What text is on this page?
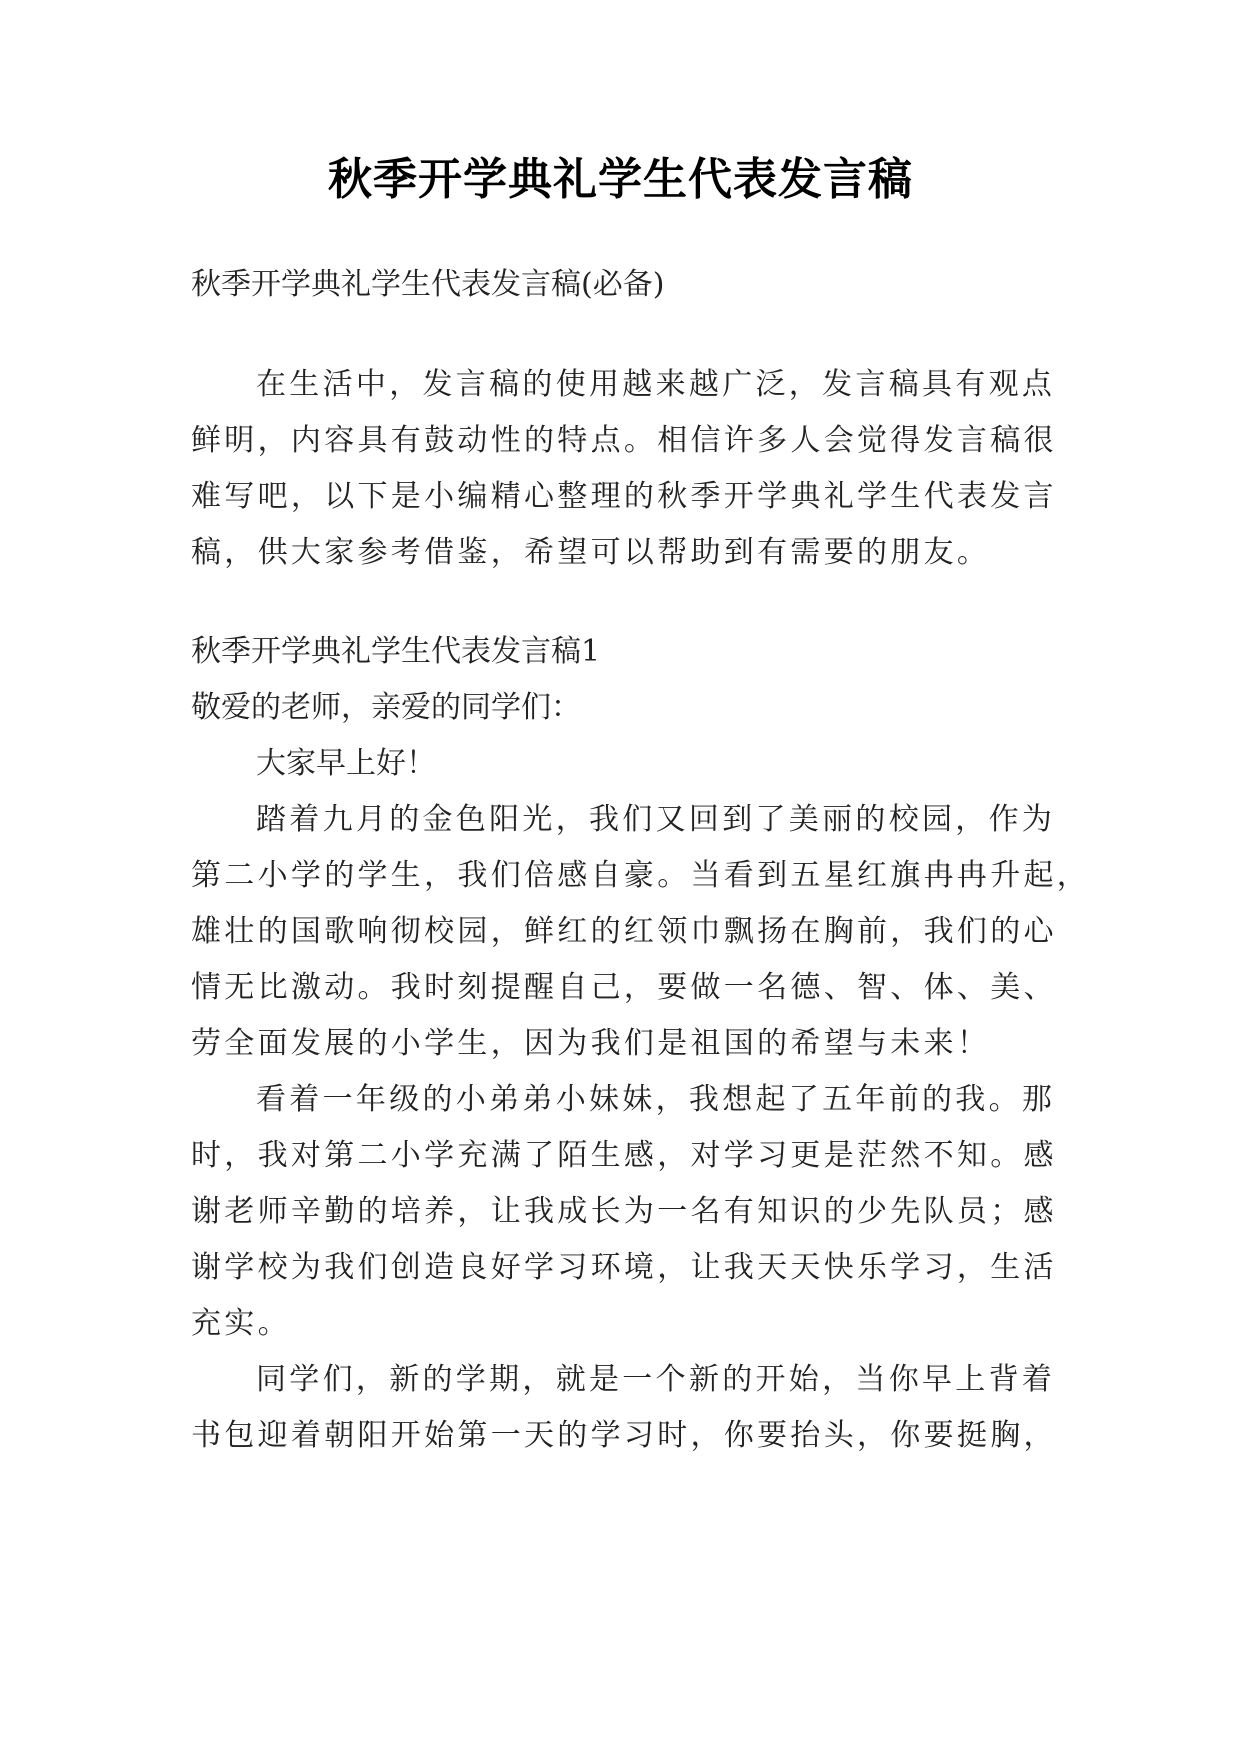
秋季开学典礼学生代表发言稿
秋季开学典礼学生代表发言稿(必备)
在生活中，发言稿的使用越来越广泛，发言稿具有观点
鲜明，内容具有鼓动性的特点。相信许多人会觉得发言稿很
难写吧，以下是小编精心整理的秋季开学典礼学生代表发言
稿，供大家参考借鉴，希望可以帮助到有需要的朋友。
秋季开学典礼学生代表发言稿1
敬爱的老师，亲爱的同学们：
大家早上好！
踏着九月的金色阳光，我们又回到了美丽的校园，作为
第二小学的学生，我们倍感自豪。当看到五星红旗冉冉升起，
雄壮的国歌响彻校园，鲜红的红领巾飘扬在胸前，我们的心
情无比激动。我时刻提醒自己，要做一名德、智、体、美、
劳全面发展的小学生，因为我们是祖国的希望与未来！
看着一年级的小弟弟小妹妹，我想起了五年前的我。那
时，我对第二小学充满了陌生感，对学习更是茫然不知。感
谢老师辛勤的培养，让我成长为一名有知识的少先队员；感
谢学校为我们创造良好学习环境，让我天天快乐学习，生活
充实。
同学们，新的学期，就是一个新的开始，当你早上背着
书包迎着朝阳开始第一天的学习时，你要抬头，你要挺胸，
